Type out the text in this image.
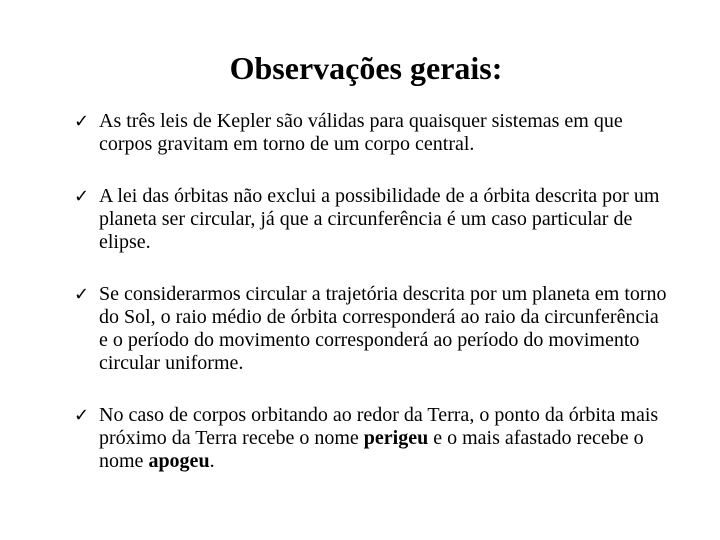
Observações gerais:
✓ As três leis de Kepler são válidas para quaisquer sistemas em que corpos gravitam em torno de um corpo central.
✓ A lei das órbitas não exclui a possibilidade de a órbita descrita por um planeta ser circular, já que a circunferência é um caso particular de elipse.
✓ Se considerarmos circular a trajetória descrita por um planeta em torno do Sol, o raio médio de órbita corresponderá ao raio da circunferência e o período do movimento corresponderá ao período do movimento circular uniforme.
✓ No caso de corpos orbitando ao redor da Terra, o ponto da órbita mais próximo da Terra recebe o nome perigeu e o mais afastado recebe o nome apogeu.
